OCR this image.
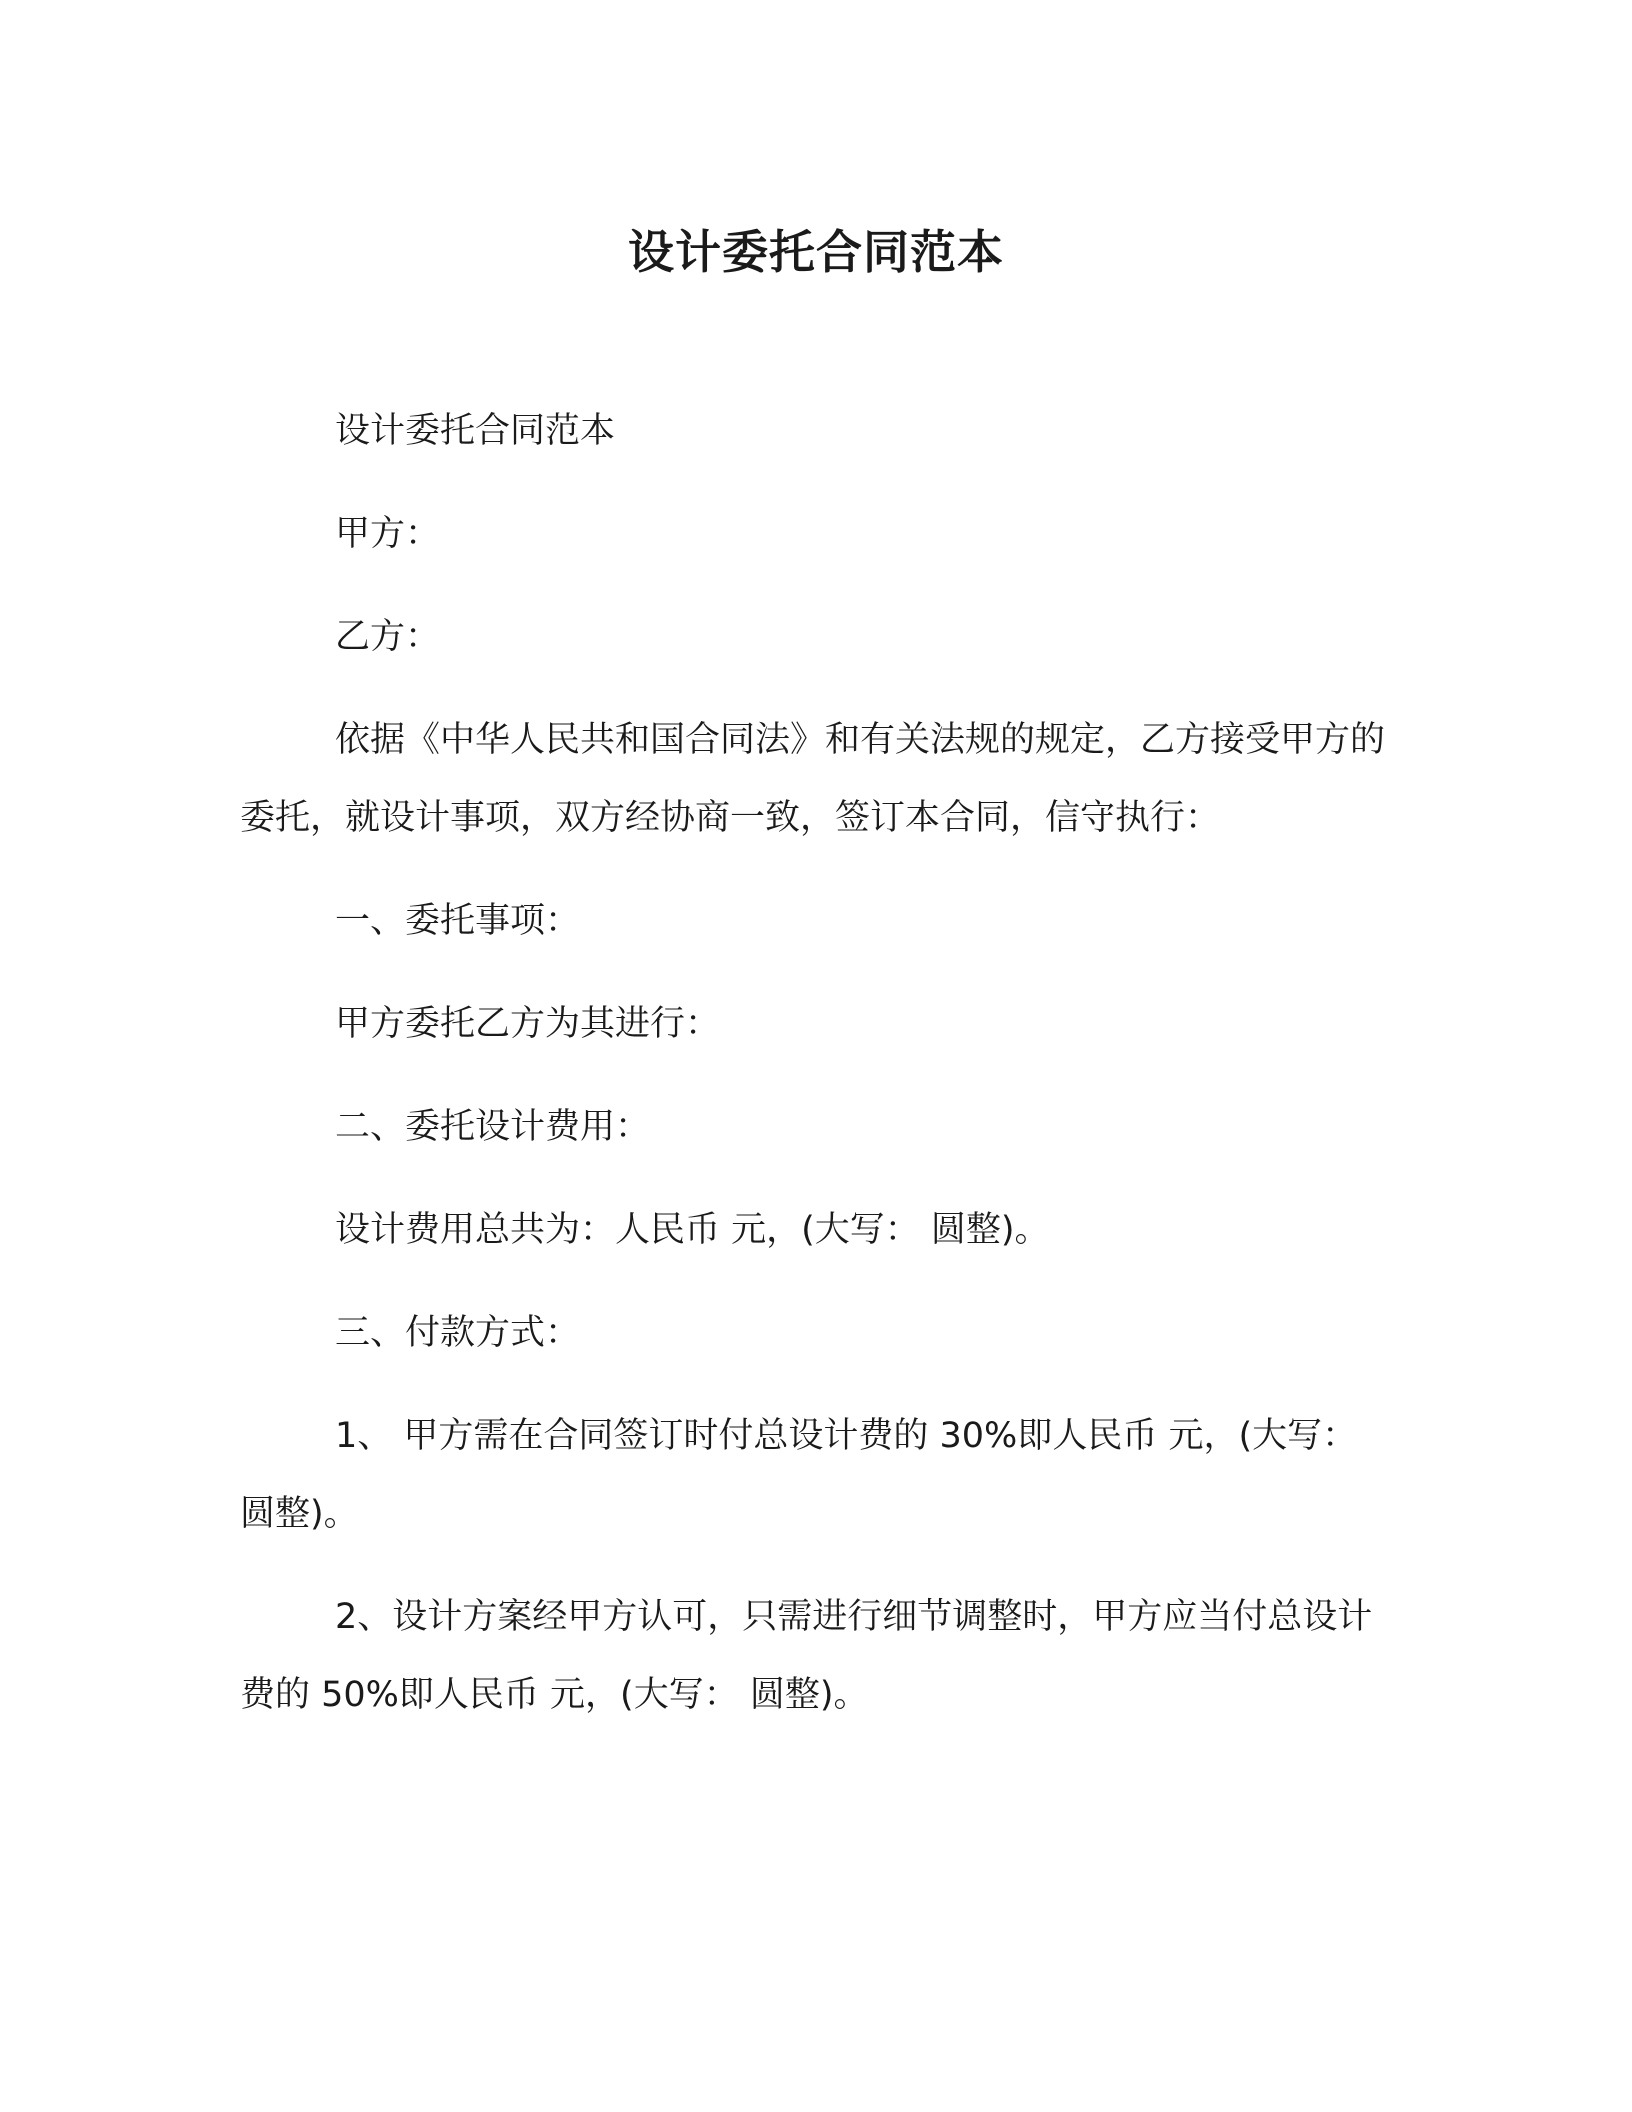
设计委托合同范本

设计委托合同范本

甲方：

乙方：

依据《中华人民共和国合同法》和有关法规的规定，乙方接受甲方的委托，就设计事项，双方经协商一致，签订本合同，信守执行：

一、委托事项：

甲方委托乙方为其进行：

二、委托设计费用：

设计费用总共为：人民币 元，(大写： 圆整)。

三、付款方式：

1、 甲方需在合同签订时付总设计费的 30%即人民币 元，(大写：圆整)。

2、设计方案经甲方认可，只需进行细节调整时，甲方应当付总设计费的 50%即人民币 元，(大写： 圆整)。
